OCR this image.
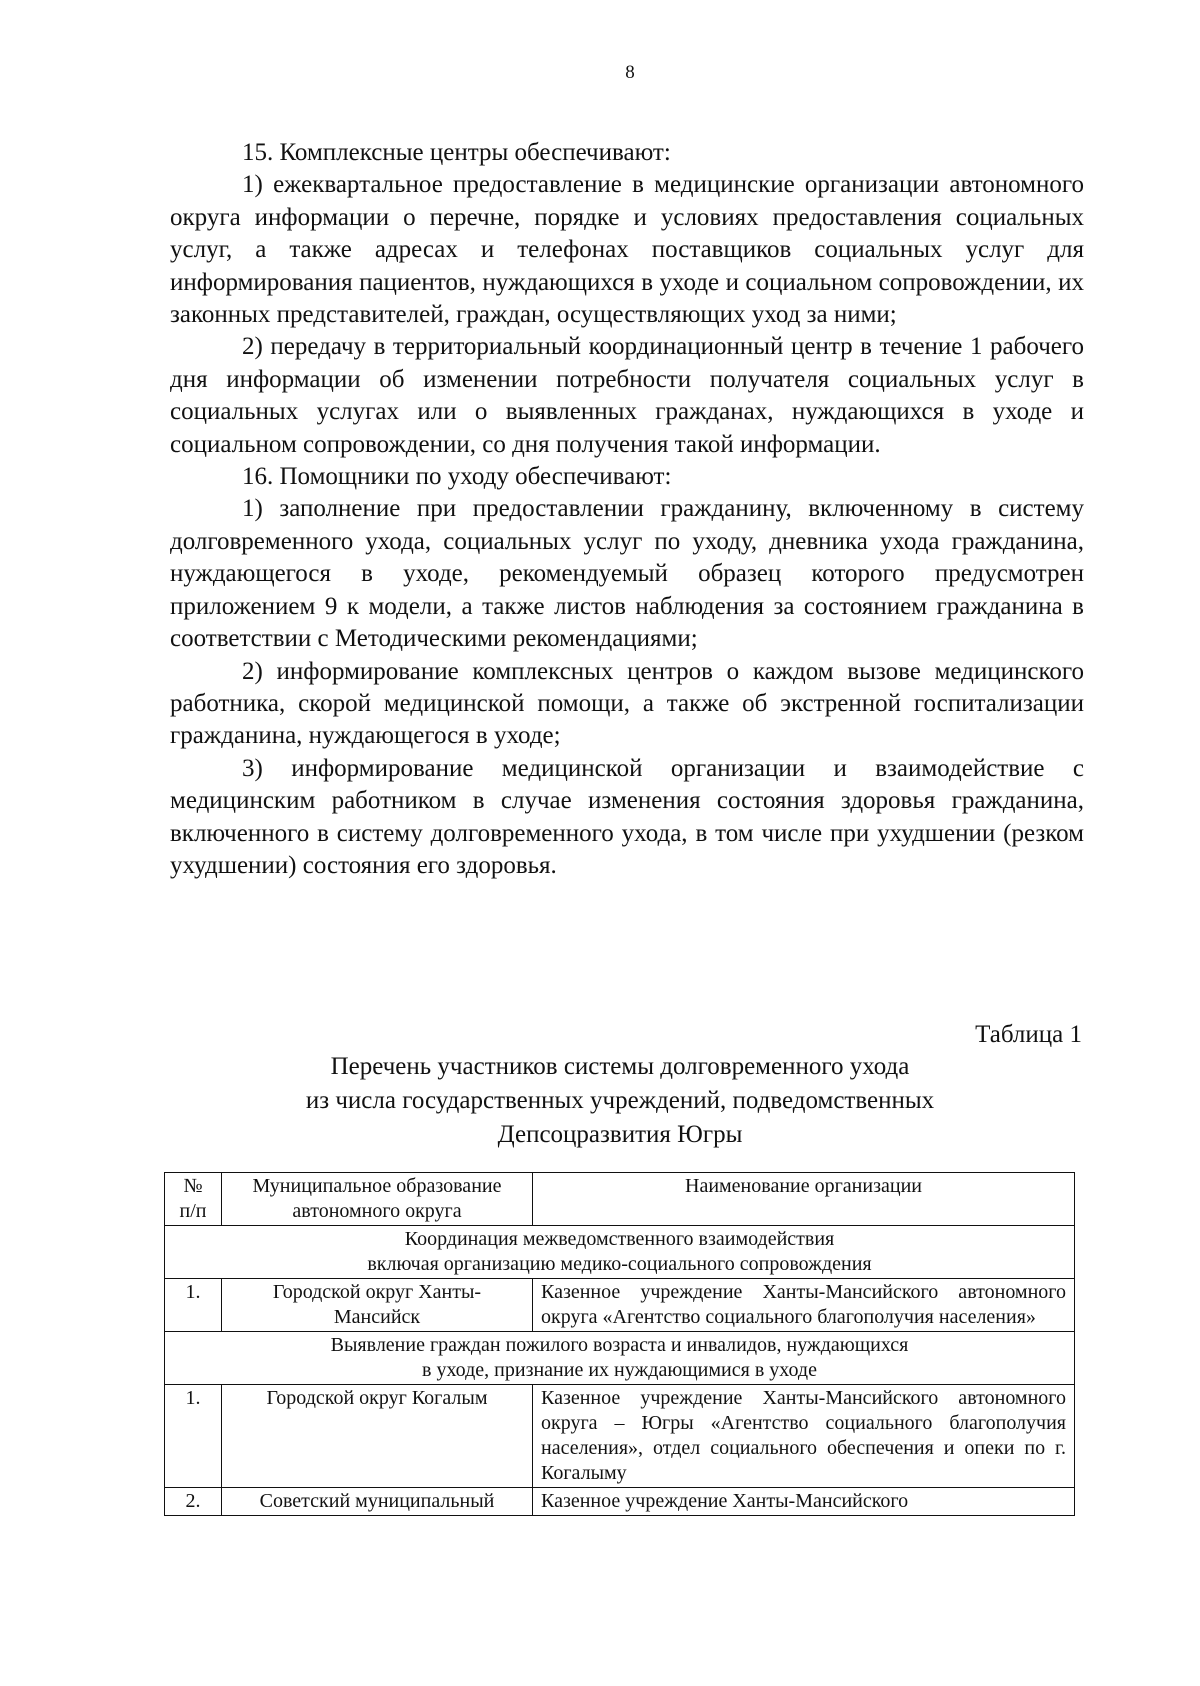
8

15. Комплексные центры обеспечивают:

1) ежеквартальное предоставление в медицинские организации автономного округа информации о перечне, порядке и условиях предоставления социальных услуг, а также адресах и телефонах поставщиков социальных услуг для информирования пациентов, нуждающихся в уходе и социальном сопровождении, их законных представителей, граждан, осуществляющих уход за ними;

2) передачу в территориальный координационный центр в течение 1 рабочего дня информации об изменении потребности получателя социальных услуг в социальных услугах или о выявленных гражданах, нуждающихся в уходе и социальном сопровождении, со дня получения такой информации.

16. Помощники по уходу обеспечивают:

1) заполнение при предоставлении гражданину, включенному в систему долговременного ухода, социальных услуг по уходу, дневника ухода гражданина, нуждающегося в уходе, рекомендуемый образец которого предусмотрен приложением 9 к модели, а также листов наблюдения за состоянием гражданина в соответствии с Методическими рекомендациями;

2) информирование комплексных центров о каждом вызове медицинского работника, скорой медицинской помощи, а также об экстренной госпитализации гражданина, нуждающегося в уходе;

3) информирование медицинской организации и взаимодействие с медицинским работником в случае изменения состояния здоровья гражданина, включенного в систему долговременного ухода, в том числе при ухудшении (резком ухудшении) состояния его здоровья.

Таблица 1
Перечень участников системы долговременного ухода
из числа государственных учреждений, подведомственных
Депсоцразвития Югры
№ п/п	Муниципальное образование автономного округа	Наименование организации

Координация межведомственного взаимодействия
включая организацию медико-социального сопровождения		

1.	Городской округ Ханты-Мансийск	Казенное учреждение Ханты-Мансийского автономного округа «Агентство социального благополучия населения»

Выявление граждан пожилого возраста и инвалидов, нуждающихся
в уходе, признание их нуждающимися в уходе		

1.	Городской округ Когалым	Казенное учреждение Ханты-Мансийского автономного округа – Югры «Агентство социального благополучия населения», отдел социального обеспечения и опеки по г. Когалыму
2.	Советский муниципальный	Казенное учреждение Ханты-Мансийского
